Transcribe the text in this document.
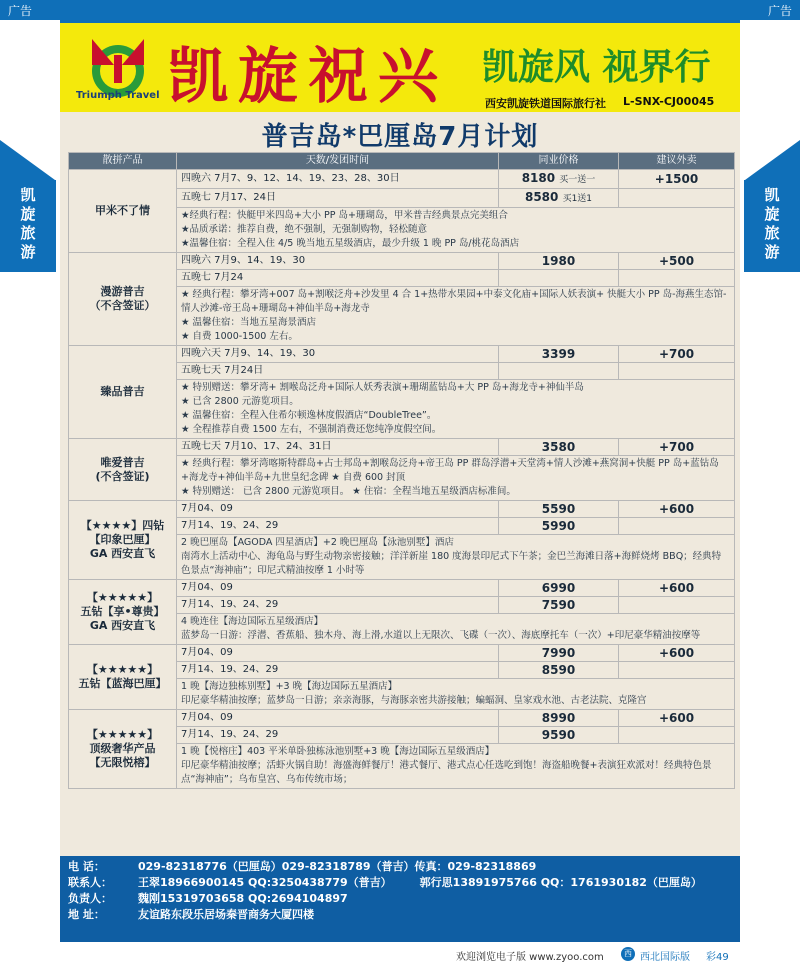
广告	广告
Triumph Travel 凯旋祝兴 凯旋风 视界行
西安凯旋铁道国际旅行社 L-SNX-CJ00045
凯旋旅游
凯旋旅游
普吉岛*巴厘岛7月计划
散拼产品	天数/发团时间	同业价格	建议外卖
甲米不了情	四晚六 7月7、9、12、14、19、23、28、30日	8180 买一送一	+1500
	五晚七 7月17、24日	8580 买1送1	
	★经典行程：快艇甲米四岛+大小 PP 岛+珊瑚岛，甲米普吉经典景点完美组合
★品质承诺：推荐自费，绝不强制，无强制购物，轻松随意
★温馨住宿：全程入住 4/5 晚当地五星级酒店，最少升级 1 晚 PP 岛/桃花岛酒店		
漫游普吉
（不含签证）	四晚六 7月9、14、19、30	1980	+500
	五晚七 7月24		
	★ 经典行程：攀牙湾+007 岛+割喉泛舟+沙发里 4 合 1+热带水果园+中泰文化庙+国际人妖表演+ 快艇大小 PP 岛-海燕生态馆-情人沙滩-帝王岛+珊瑚岛+神仙半岛+海龙寺
★ 温馨住宿：当地五星海景酒店
★ 自费 1000-1500 左右。		
臻品普吉	四晚六天 7月9、14、19、30	3399	+700
	五晚七天 7月24日		
	★ 特别赠送：攀牙湾+ 割喉岛泛舟+国际人妖秀表演+珊瑚蓝钻岛+大 PP 岛+海龙寺+神仙半岛
★ 已含 2800 元游览项目。
★ 温馨住宿：全程入住希尔顿逸林度假酒店“DoubleTree”。
★ 全程推荐自费 1500 左右，不强制消费还您纯净度假空间。		
唯爱普吉
(不含签证)	五晚七天 7月10、17、24、31日	3580	+700
	★ 经典行程：攀牙湾喀斯特群岛+占士邦岛+割喉岛泛舟+帝王岛 PP 群岛浮潜+天堂湾+情人沙滩+燕窝洞+快艇 PP 岛+蓝钻岛+海龙寺+神仙半岛+九世皇纪念碑 ★ 自费 600 封顶
★ 特别赠送： 已含 2800 元游览项目。 ★ 住宿：全程当地五星级酒店标准间。		
【★★★★】四钻
【印象巴厘】
GA 西安直飞	7月04、09	5590	+600
	7月14、19、24、29	5990	
	2 晚巴厘岛【AGODA 四星酒店】+2 晚巴厘岛【泳池别墅】酒店
南湾水上活动中心、海龟岛与野生动物亲密接触；洋洋新崖 180 度海景印尼式下午茶；金巴兰海滩日落+海鲜烧烤 BBQ；经典特色景点“海神庙”；印尼式精油按摩 1 小时等		
【★★★★★】
五钻【享•尊贵】
GA 西安直飞	7月04、09	6990	+600
	7月14、19、24、29	7590	
	4 晚连住【海边国际五星级酒店】
蓝梦岛一日游：浮潜、香蕉船、独木舟、海上滑,水道以上无限次、飞碟（一次）、海底摩托车（一次）+印尼豪华精油按摩等		
【★★★★★】
五钻【蓝海巴厘】	7月04、09	7990	+600
	7月14、19、24、29	8590	
	1 晚【海边独栋别墅】+3 晚【海边国际五星酒店】
印尼豪华精油按摩；蓝梦岛一日游；亲亲海豚，与海豚亲密共游接触；蝙蝠洞、皇家戏水池、古老法院、克隆宫		
【★★★★★】
顶级奢华产品
【无限悦榕】	7月04、09	8990	+600
	7月14、19、24、29	9590	
	1 晚【悦榕庄】403 平米单卧独栋泳池别墅+3 晚【海边国际五星级酒店】
印尼豪华精油按摩；活虾火锅自助！海盛海鲜餐厅！港式餐厅、港式点心任选吃到饱！海盗船晚餐+表演狂欢派对！经典特色景点“海神庙”；乌布皇宫、乌布传统市场；		
电 话：	029-82318776（巴厘岛）029-82318789（普吉）传真：029-82318869
联系人： 王翠18966900145 QQ:3250438779（普吉）	郭行思13891975766 QQ：1761930182（巴厘岛）
负责人： 魏刚15319703658 QQ:2694104897
地 址：	友谊路东段乐居场秦晋商务大厦四楼
欢迎浏览电子版 www.zyoo.com	西 西北国际版 彩49
